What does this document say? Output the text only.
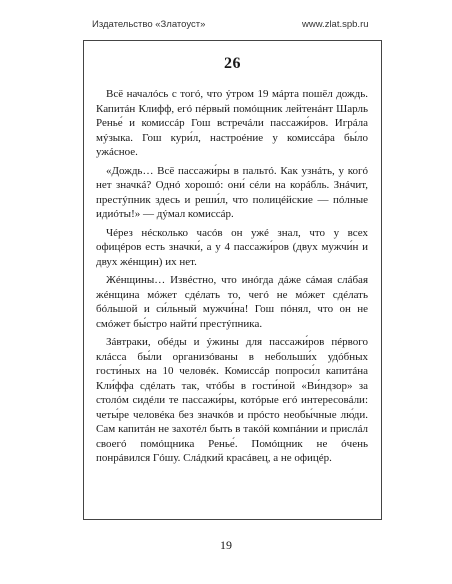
Издательство «Златоуст»	www.zlat.spb.ru
26

Всё началóсь с тогó, что ýтром 19 мáрта пошёл дождь. Капитáн Клифф, егó пéрвый помóщник лейтенáнт Шарль Ренье́ и комиссáр Гош встречáли пассажи́ров. Игрáла мýзыка. Гош кури́л, настроéние у комиссáра бы́ло ужáсное.

«Дождь… Всё пассажи́ры в пальтó. Как узнáть, у когó нет значкá? Однó хорошó: они́ сéли на корáбль. Знáчит, престýпник здесь и реши́л, что полицéйские — пóлные идиóты!» — дýмал комиссáр.

Чéрез нéсколько часóв он ужé знал, что у всех офицéров есть значки́, а у 4 пассажи́ров (двух мужчи́н и двух жéнщин) их нет.

Жéнщины… Извéстно, что инóгда дáже сáмая слáбая жéнщина мóжет сдéлать то, чегó не мóжет сдéлать бóльшой и си́льный мужчи́на! Гош пóнял, что он не смóжет бы́стро найти́ престýпника.

Зáвтраки, обéды и ýжины для пассажи́ров пéрвого клáсса бы́ли организóваны в небольши́х удóбных гости́ных на 10 человéк. Комиссáр попроси́л капитáна Кли́ффа сдéлать так, чтóбы в гости́ной «Ви́ндзор» за столóм сидéли те пассажи́ры, котóрые егó интересовáли: четы́ре человéка без значкóв и прóсто необы́чные лю́ди. Сам капитáн не захотéл быть в такóй компáнии и прислáл своегó помóщника Ренье́. Помóщник не óчень понрáвился Гóшу. Слáдкий красáвец, а не офицéр.

19
